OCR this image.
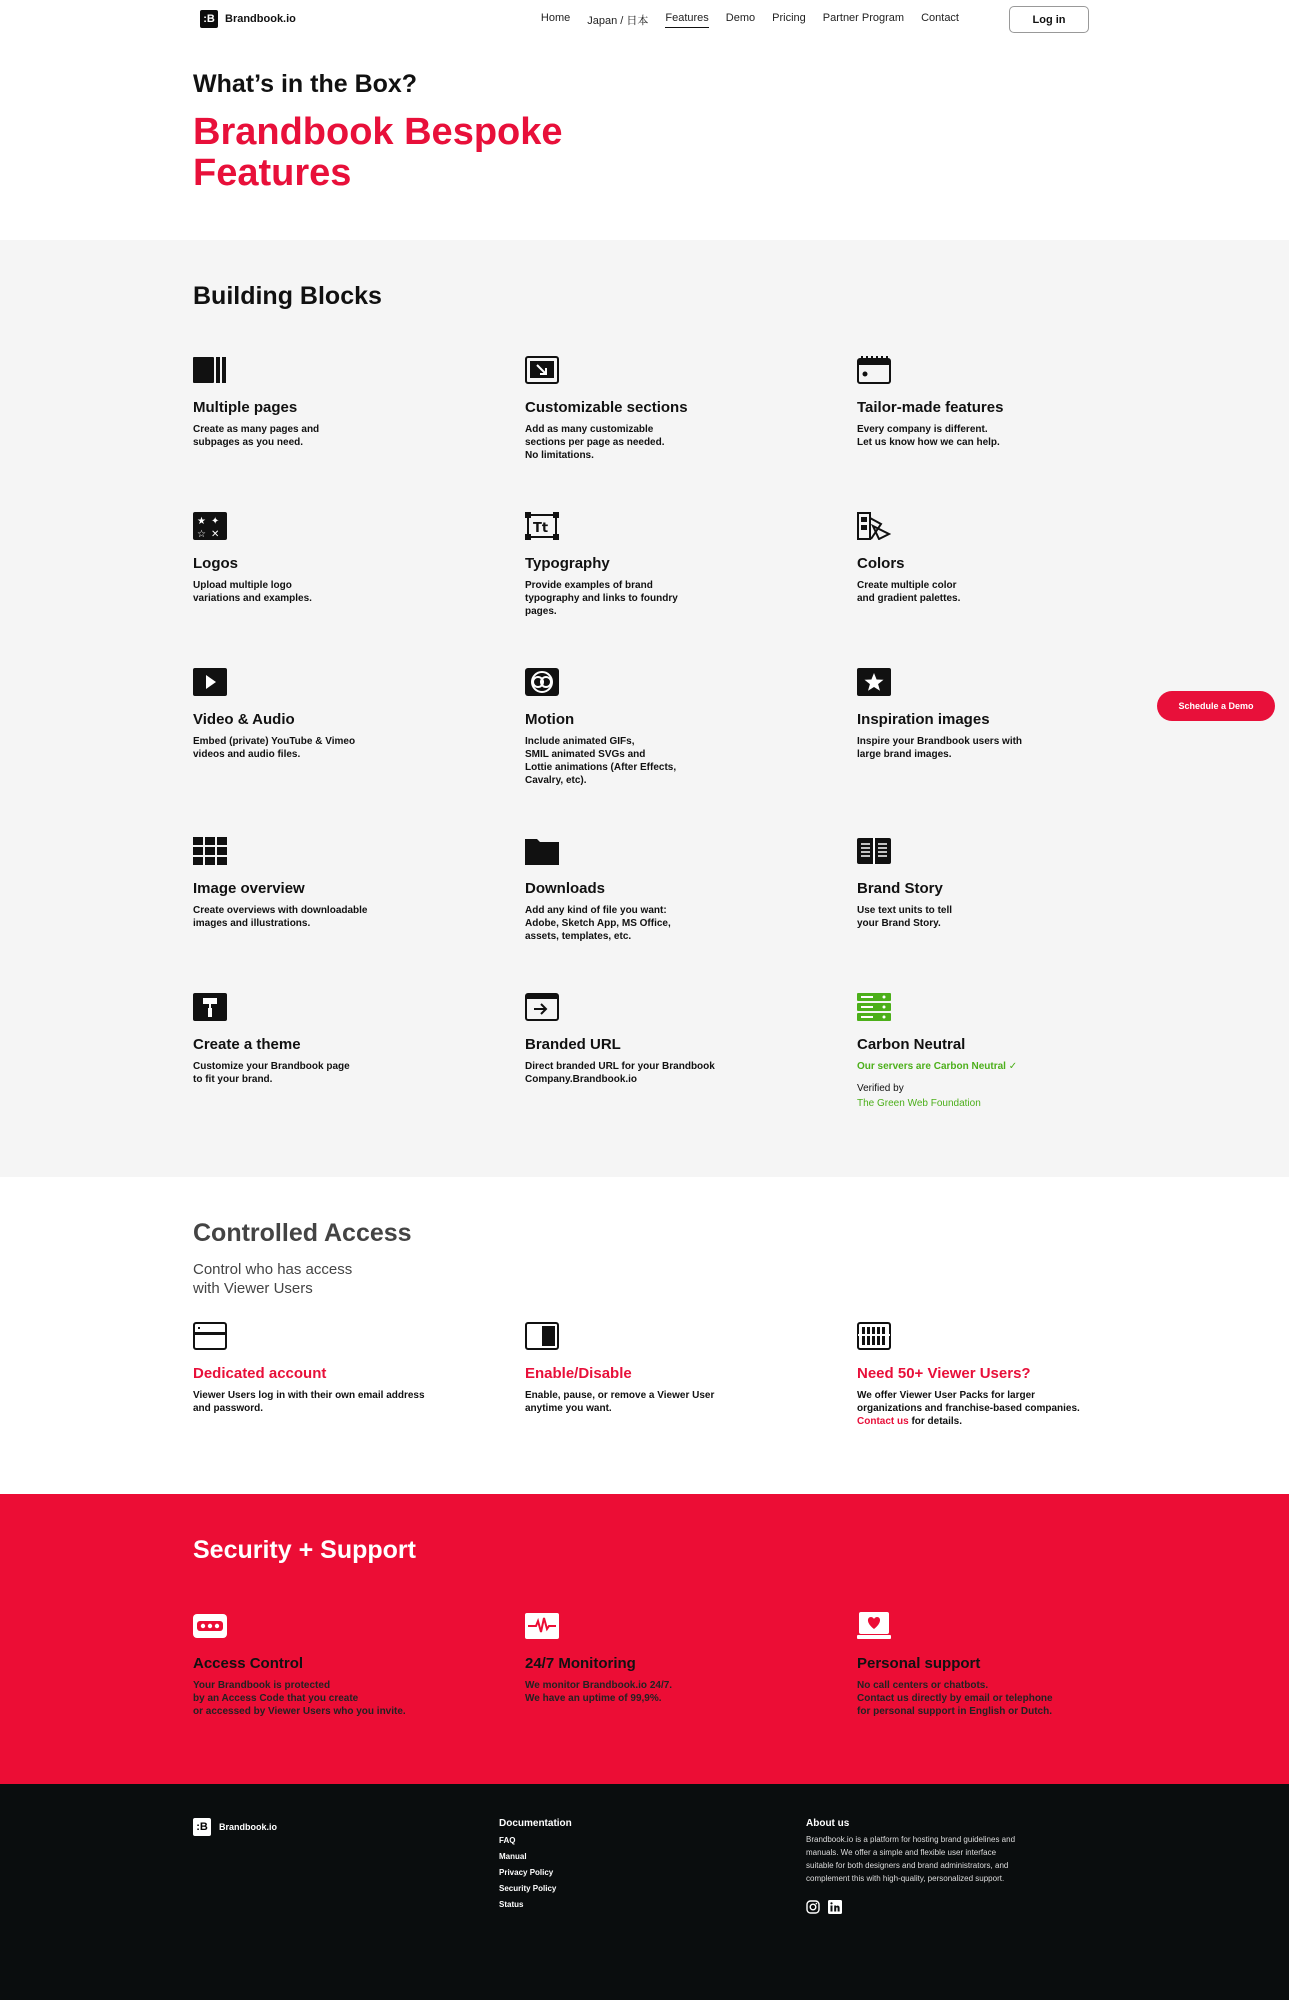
:B Brandbook.io	Home Japan / 日本 Features Demo Pricing Partner Program Contact	Log in
What’s in the Box?
Brandbook Bespoke Features
Building Blocks
Multiple pages

Create as many pages and
subpages as you need.

Customizable sections

Add as many customizable
sections per page as needed.
No limitations.

Tailor-made features

Every company is different.
Let us know how we can help.

★ ✦
☆ ✕
Logos

Upload multiple logo
variations and examples.

Tt
Typography

Provide examples of brand
typography and links to foundry
pages.

Colors

Create multiple color
and gradient palettes.

Video & Audio

Embed (private) YouTube & Vimeo
videos and audio files.

Motion

Include animated GIFs,
SMIL animated SVGs and
Lottie animations (After Effects,
Cavalry, etc).

Inspiration images

Inspire your Brandbook users with
large brand images.

Image overview

Create overviews with downloadable
images and illustrations.

Downloads

Add any kind of file you want:
Adobe, Sketch App, MS Office,
assets, templates, etc.

Brand Story

Use text units to tell
your Brand Story.

Create a theme

Customize your Brandbook page
to fit your brand.

Branded URL

Direct branded URL for your Brandbook
Company.Brandbook.io

Carbon Neutral

Our servers are Carbon Neutral ✓

Verified by
The Green Web Foundation
Schedule a Demo
Controlled Access
Control who has access
with Viewer Users
Dedicated account

Viewer Users log in with their own email address
and password.

Enable/Disable

Enable, pause, or remove a Viewer User
anytime you want.

Need 50+ Viewer Users?

We offer Viewer User Packs for larger
organizations and franchise-based companies.

Contact us for details.

Security + Support
Access Control

Your Brandbook is protected
by an Access Code that you create
or accessed by Viewer Users who you invite.

24/7 Monitoring

We monitor Brandbook.io 24/7.
We have an uptime of 99,9%.

Personal support

No call centers or chatbots.
Contact us directly by email or telephone
for personal support in English or Dutch.

:B	Brandbook.io	Documentation
FAQ
Manual
Privacy Policy
Security Policy
Status
About us

Brandbook.io is a platform for hosting brand guidelines and manuals. We offer a simple and flexible user interface suitable for both designers and brand administrators, and complement this with high-quality, personalized support.
